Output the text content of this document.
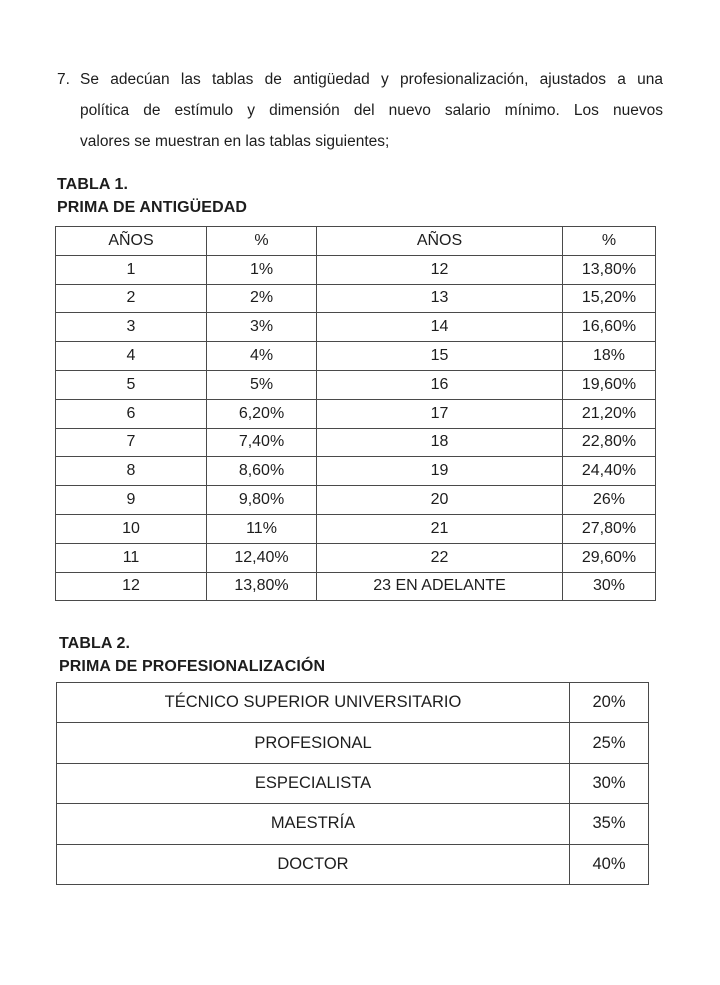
7. Se adecúan las tablas de antigüedad y profesionalización, ajustados a una
política de estímulo y dimensión del nuevo salario mínimo. Los nuevos
valores se muestran en las tablas siguientes;
TABLA 1.
PRIMA DE ANTIGÜEDAD
AÑOS	%	AÑOS	%
1	1%	12	13,80%
2	2%	13	15,20%
3	3%	14	16,60%
4	4%	15	18%
5	5%	16	19,60%
6	6,20%	17	21,20%
7	7,40%	18	22,80%
8	8,60%	19	24,40%
9	9,80%	20	26%
10	11%	21	27,80%
11	12,40%	22	29,60%
12	13,80%	23 EN ADELANTE	30%
TABLA 2.
PRIMA DE PROFESIONALIZACIÓN
TÉCNICO SUPERIOR UNIVERSITARIO	20%
PROFESIONAL	25%
ESPECIALISTA	30%
MAESTRÍA	35%
DOCTOR	40%
